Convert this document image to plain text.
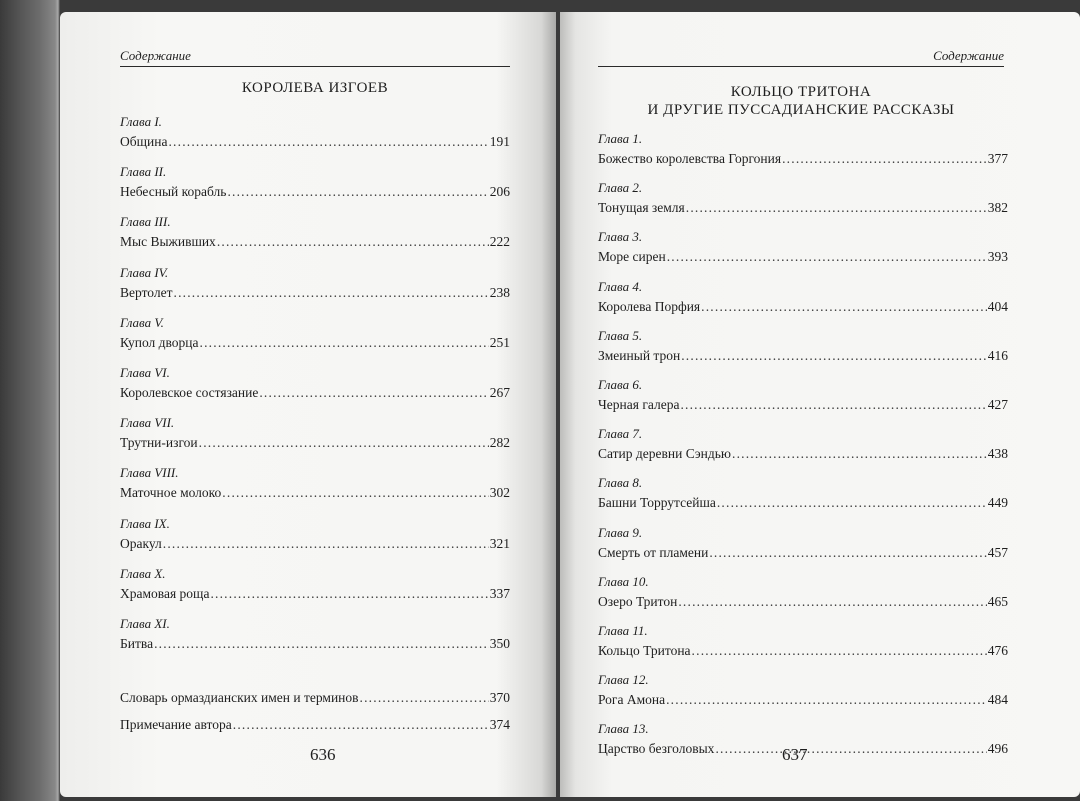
Содержание
КОРОЛЕВА ИЗГОЕВ
Глава I.
Община .....	191
Глава II.
Небесный корабль .....	206
Глава III.
Мыс Выживших .....	222
Глава IV.
Вертолет .....	238
Глава V.
Купол дворца .....	251
Глава VI.
Королевское состязание .....	267
Глава VII.
Трутни-изгои .....	282
Глава VIII.
Маточное молоко .....	302
Глава IX.
Оракул .....	321
Глава X.
Храмовая роща .....	337
Глава XI.
Битва .....	350
Словарь ормаздианских имен и терминов .....	370
Примечание автора .....	374
636
Содержание
КОЛЬЦО ТРИТОНА
И ДРУГИЕ ПУССАДИАНСКИЕ РАССКАЗЫ
Глава 1.
Божество королевства Горгония .....	377
Глава 2.
Тонущая земля .....	382
Глава 3.
Море сирен .....	393
Глава 4.
Королева Порфия .....	404
Глава 5.
Змеиный трон .....	416
Глава 6.
Черная галера .....	427
Глава 7.
Сатир деревни Сэндью .....	438
Глава 8.
Башни Торрутсейша .....	449
Глава 9.
Смерть от пламени .....	457
Глава 10.
Озеро Тритон .....	465
Глава 11.
Кольцо Тритона .....	476
Глава 12.
Рога Амона .....	484
Глава 13.
Царство безголовых .....	496
637
